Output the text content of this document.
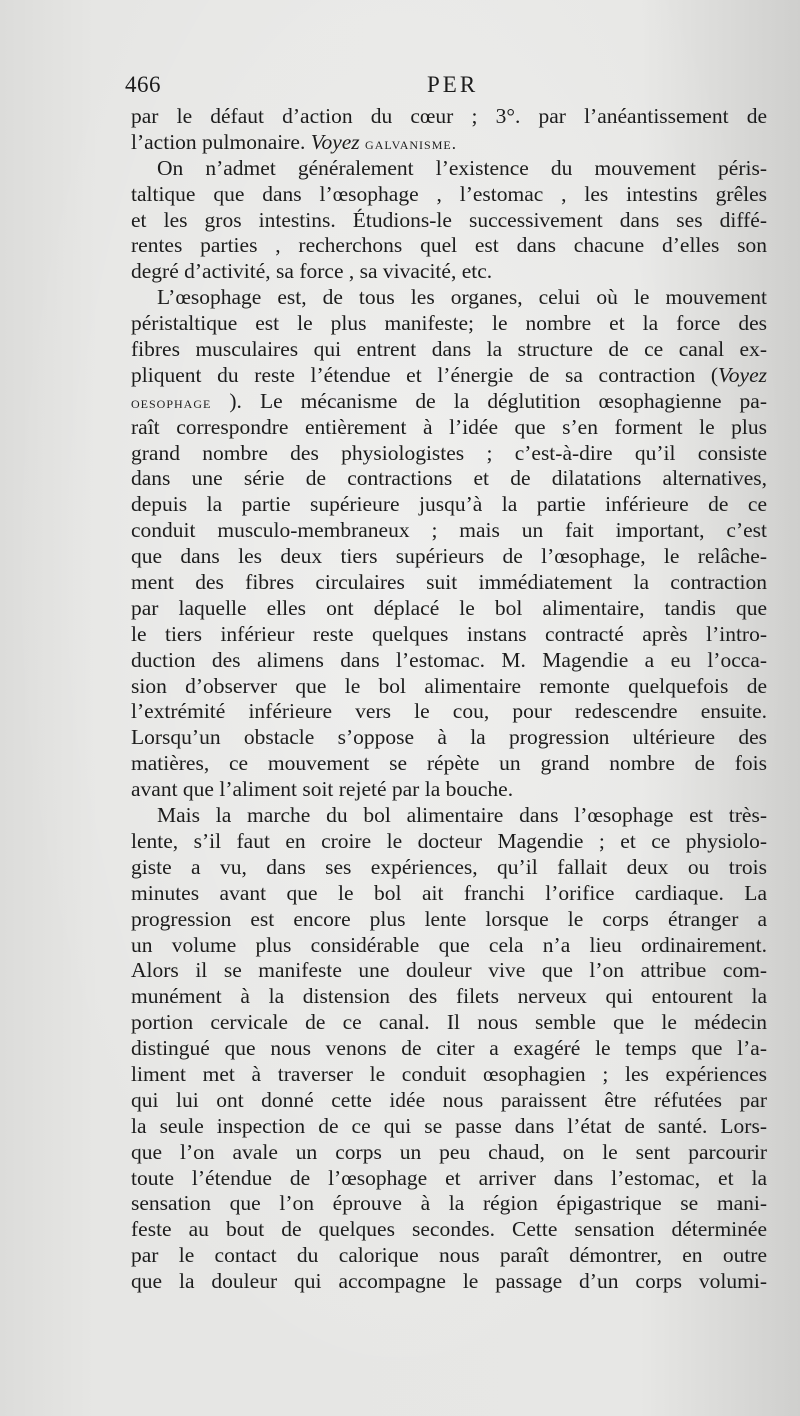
466	PER
par le défaut d’action du cœur ; 3°. par l’anéantissement de
l’action pulmonaire. Voyez galvanisme.
On n’admet généralement l’existence du mouvement péris-
taltique que dans l’œsophage , l’estomac , les intestins grêles
et les gros intestins. Étudions-le successivement dans ses diffé-
rentes parties , recherchons quel est dans chacune d’elles son
degré d’activité, sa force , sa vivacité, etc.
L’œsophage est, de tous les organes, celui où le mouvement
péristaltique est le plus manifeste; le nombre et la force des
fibres musculaires qui entrent dans la structure de ce canal ex-
pliquent du reste l’étendue et l’énergie de sa contraction (Voyez
oesophage ). Le mécanisme de la déglutition œsophagienne pa-
raît correspondre entièrement à l’idée que s’en forment le plus
grand nombre des physiologistes ; c’est-à-dire qu’il consiste
dans une série de contractions et de dilatations alternatives,
depuis la partie supérieure jusqu’à la partie inférieure de ce
conduit musculo-membraneux ; mais un fait important, c’est
que dans les deux tiers supérieurs de l’œsophage, le relâche-
ment des fibres circulaires suit immédiatement la contraction
par laquelle elles ont déplacé le bol alimentaire, tandis que
le tiers inférieur reste quelques instans contracté après l’intro-
duction des alimens dans l’estomac. M. Magendie a eu l’occa-
sion d’observer que le bol alimentaire remonte quelquefois de
l’extrémité inférieure vers le cou, pour redescendre ensuite.
Lorsqu’un obstacle s’oppose à la progression ultérieure des
matières, ce mouvement se répète un grand nombre de fois
avant que l’aliment soit rejeté par la bouche.
Mais la marche du bol alimentaire dans l’œsophage est très-
lente, s’il faut en croire le docteur Magendie ; et ce physiolo-
giste a vu, dans ses expériences, qu’il fallait deux ou trois
minutes avant que le bol ait franchi l’orifice cardiaque. La
progression est encore plus lente lorsque le corps étranger a
un volume plus considérable que cela n’a lieu ordinairement.
Alors il se manifeste une douleur vive que l’on attribue com-
munément à la distension des filets nerveux qui entourent la
portion cervicale de ce canal. Il nous semble que le médecin
distingué que nous venons de citer a exagéré le temps que l’a-
liment met à traverser le conduit œsophagien ; les expériences
qui lui ont donné cette idée nous paraissent être réfutées par
la seule inspection de ce qui se passe dans l’état de santé. Lors-
que l’on avale un corps un peu chaud, on le sent parcourir
toute l’étendue de l’œsophage et arriver dans l’estomac, et la
sensation que l’on éprouve à la région épigastrique se mani-
feste au bout de quelques secondes. Cette sensation déterminée
par le contact du calorique nous paraît démontrer, en outre
que la douleur qui accompagne le passage d’un corps volumi-
